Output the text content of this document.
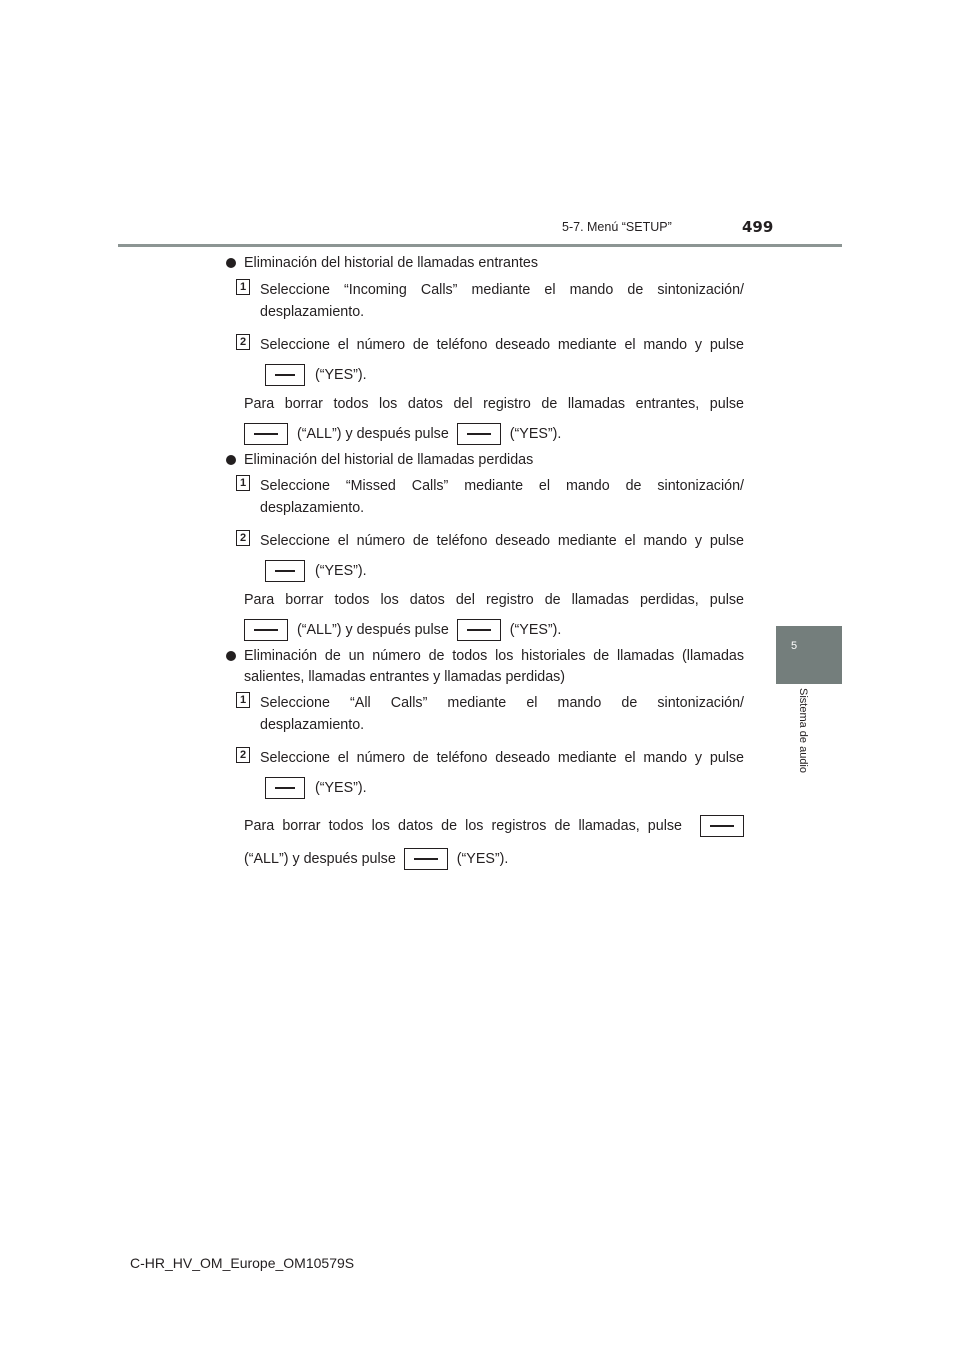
5-7. Menú “SETUP”	499
5
Sistema de audio
Eliminación del historial de llamadas entrantes
1 Seleccione “Incoming Calls” mediante el mando de sintonización/
desplazamiento.
2 Seleccione el número de teléfono deseado mediante el mando y pulse
(“YES”).
Para borrar todos los datos del registro de llamadas entrantes, pulse
(“ALL”) y después pulse	(“YES”).
Eliminación del historial de llamadas perdidas
1 Seleccione “Missed Calls” mediante el mando de sintonización/
desplazamiento.
2 Seleccione el número de teléfono deseado mediante el mando y pulse
(“YES”).
Para borrar todos los datos del registro de llamadas perdidas, pulse
(“ALL”) y después pulse	(“YES”).
Eliminación de un número de todos los historiales de llamadas (llamadas
salientes, llamadas entrantes y llamadas perdidas)
1 Seleccione “All Calls” mediante el mando de sintonización/
desplazamiento.
2 Seleccione el número de teléfono deseado mediante el mando y pulse
(“YES”).
Para borrar todos los datos de los registros de llamadas, pulse
(“ALL”) y después pulse	(“YES”).
C-HR_HV_OM_Europe_OM10579S
